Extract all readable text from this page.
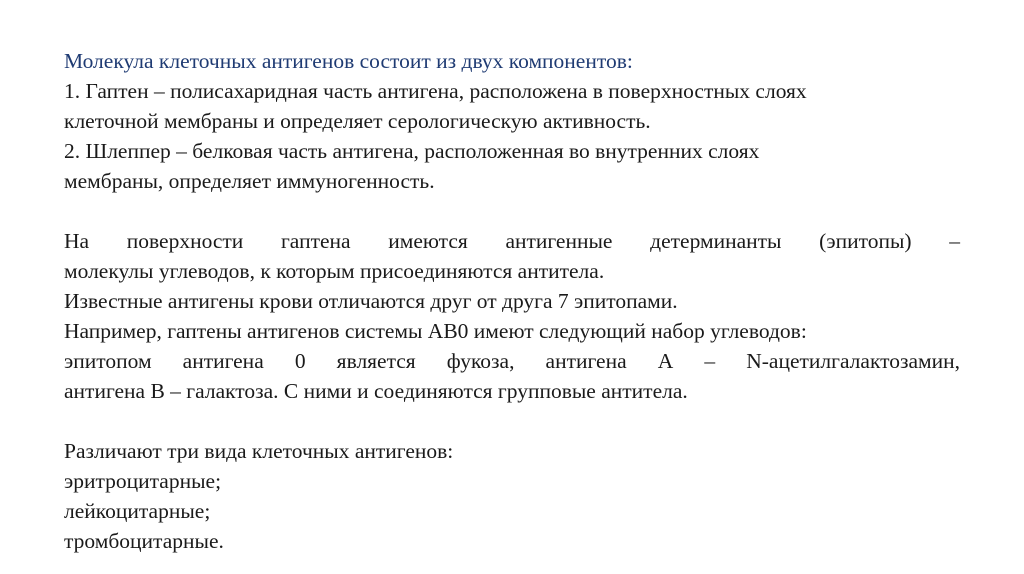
Молекула клеточных антигенов состоит из двух компонентов:
1. Гаптен – полисахаридная часть антигена, расположена в поверхностных слоях
клеточной мембраны и определяет серологическую активность.
2. Шлеппер – белковая часть антигена, расположенная во внутренних слоях
мембраны, определяет иммуногенность.
На поверхности гаптена имеются антигенные детерминанты (эпитопы) –
молекулы углеводов, к которым присоединяются антитела.
Известные антигены крови отличаются друг от друга 7 эпитопами.
Например, гаптены антигенов системы АВ0 имеют следующий набор углеводов:
эпитопом антигена 0 является фукоза, антигена А – N-ацетилгалактозамин,
антигена В – галактоза. С ними и соединяются групповые антитела.
Различают три вида клеточных антигенов:
эритроцитарные;
лейкоцитарные;
тромбоцитарные.
